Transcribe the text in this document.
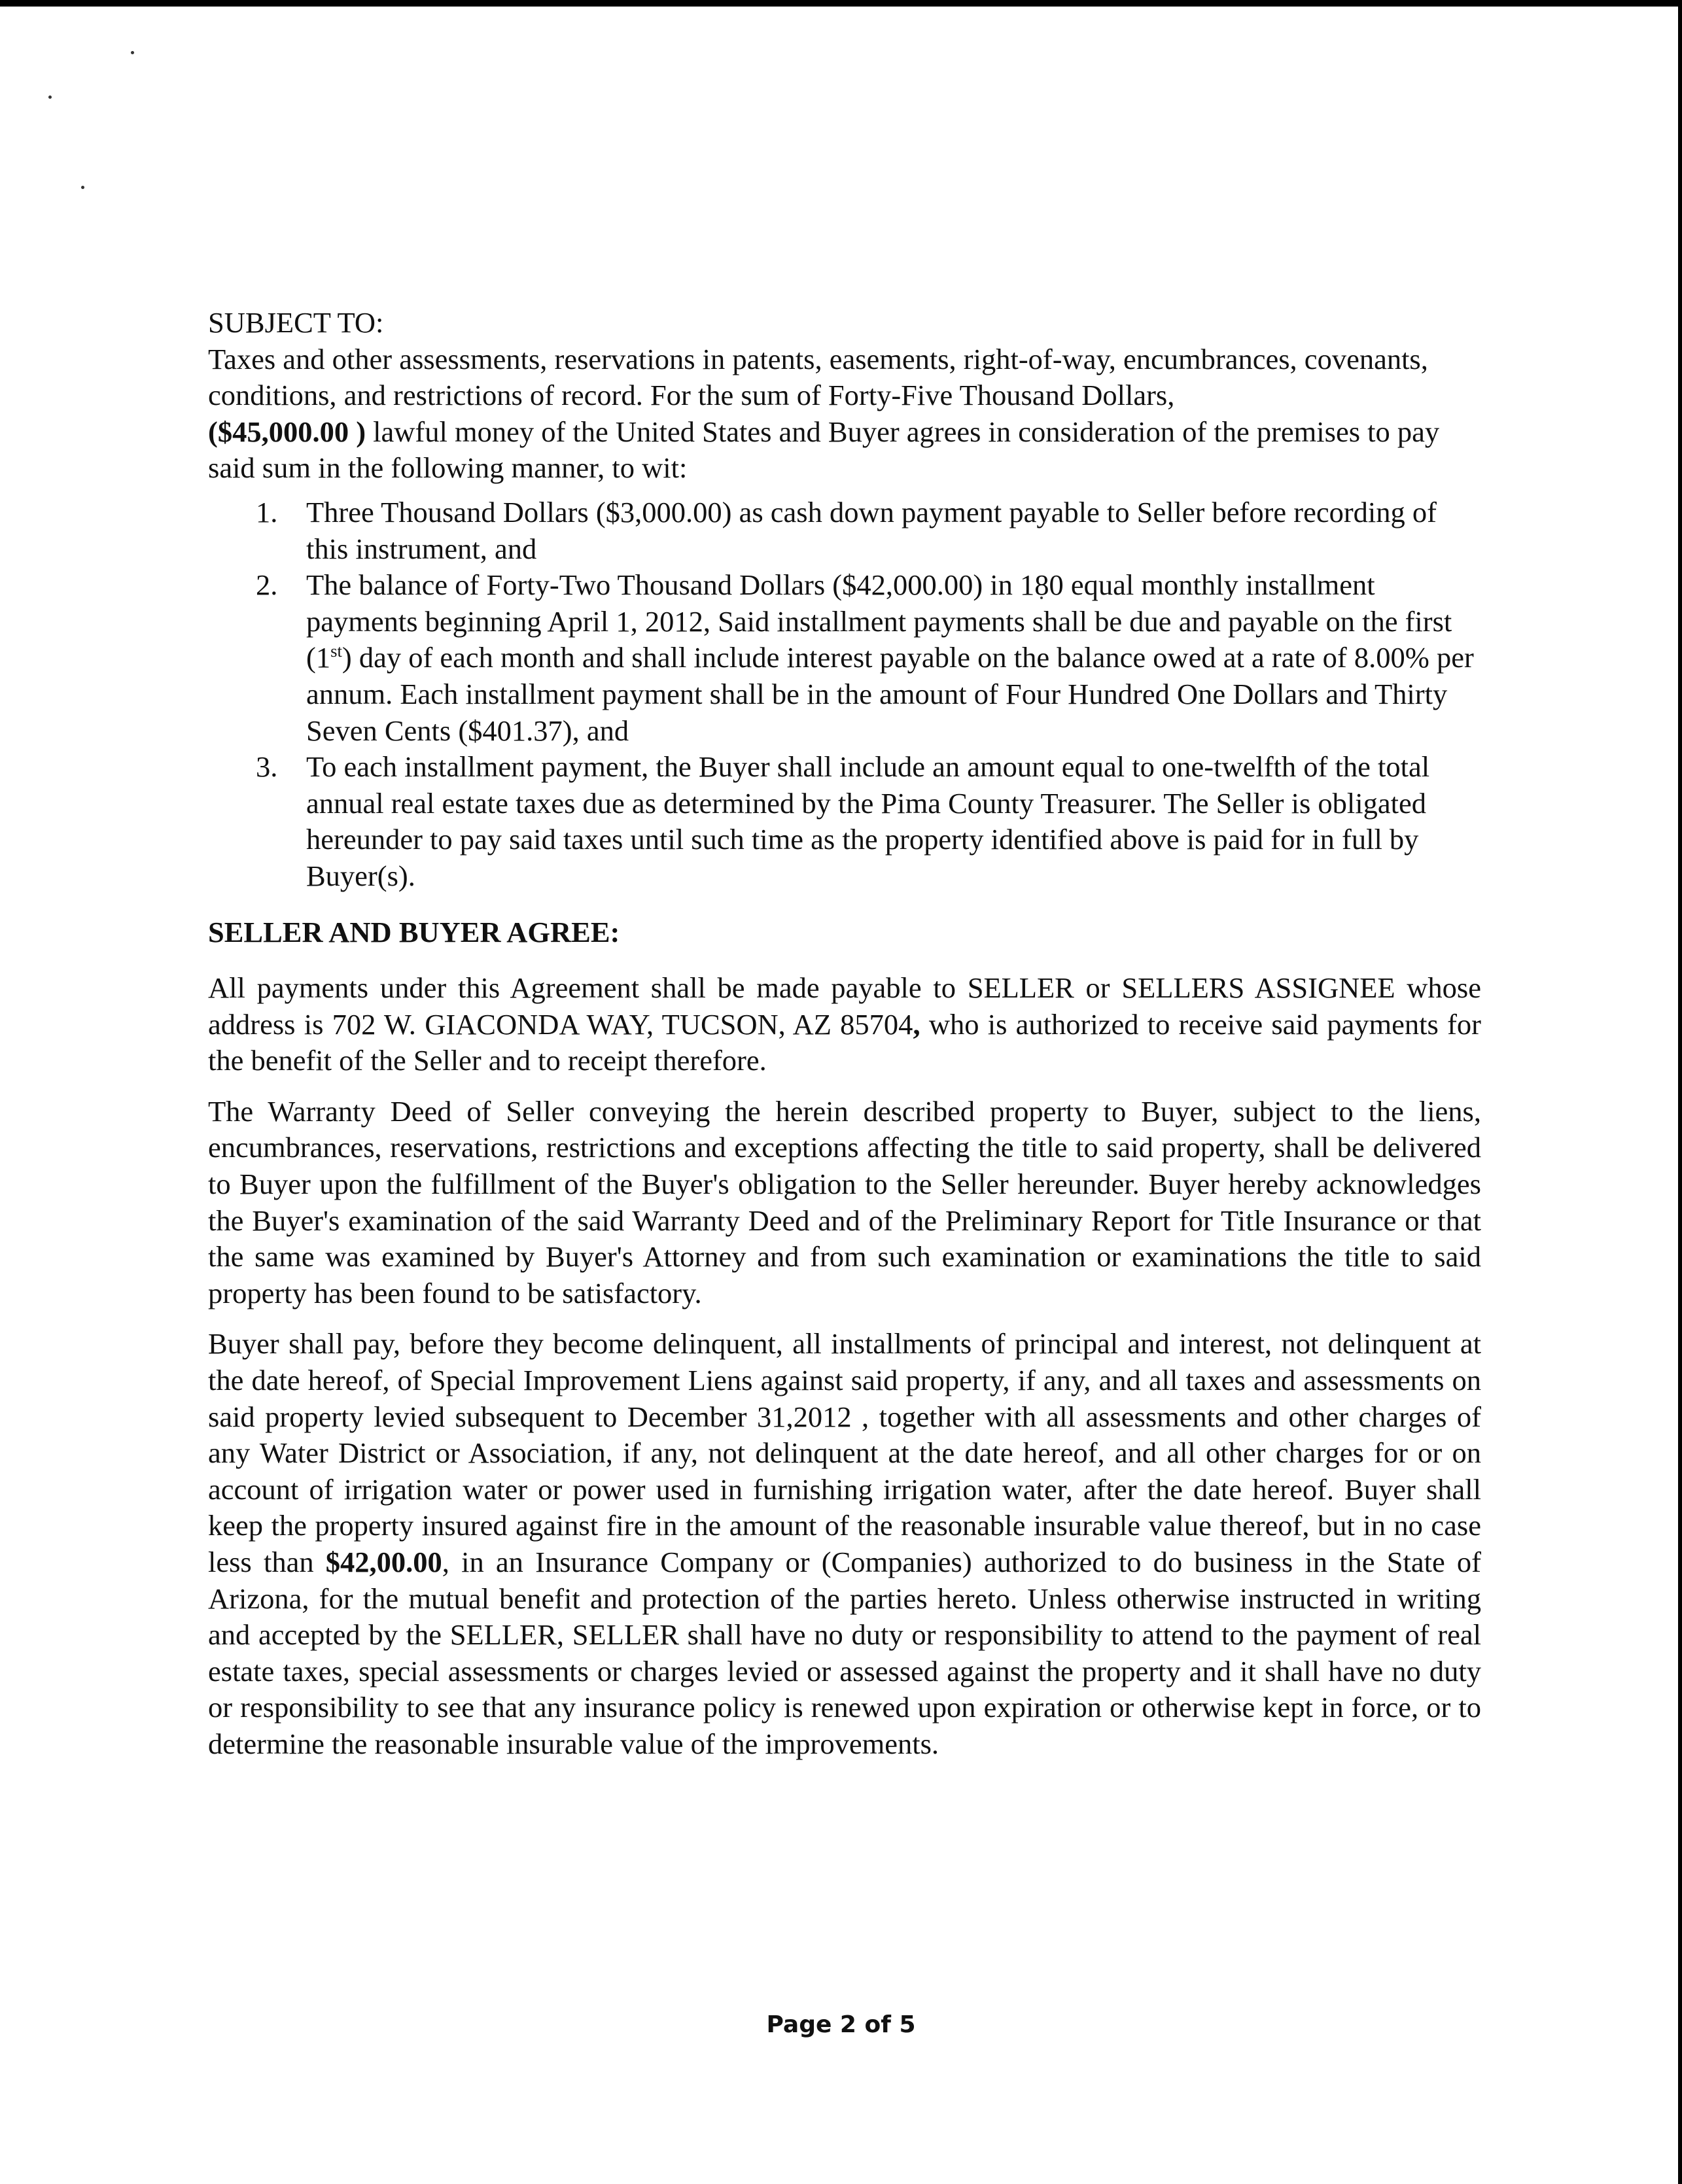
SUBJECT TO:

Taxes and other assessments, reservations in patents, easements, right-of-way, encumbrances, covenants, conditions, and restrictions of record. For the sum of Forty-Five Thousand Dollars,
($45,000.00 ) lawful money of the United States and Buyer agrees in consideration of the premises to pay said sum in the following manner, to wit:

1. Three Thousand Dollars ($3,000.00) as cash down payment payable to Seller before recording of this instrument, and
2. The balance of Forty-Two Thousand Dollars ($42,000.00) in 180 equal monthly installment payments beginning April 1, 2012, Said installment payments shall be due and payable on the first (1st) day of each month and shall include interest payable on the balance owed at a rate of 8.00% per annum. Each installment payment shall be in the amount of Four Hundred One Dollars and Thirty Seven Cents ($401.37), and
3. To each installment payment, the Buyer shall include an amount equal to one-twelfth of the total annual real estate taxes due as determined by the Pima County Treasurer. The Seller is obligated hereunder to pay said taxes until such time as the property identified above is paid for in full by Buyer(s).

SELLER AND BUYER AGREE:

All payments under this Agreement shall be made payable to SELLER or SELLERS ASSIGNEE whose address is 702 W. GIACONDA WAY, TUCSON, AZ 85704, who is authorized to receive said payments for the benefit of the Seller and to receipt therefore.

The Warranty Deed of Seller conveying the herein described property to Buyer, subject to the liens, encumbrances, reservations, restrictions and exceptions affecting the title to said property, shall be delivered to Buyer upon the fulfillment of the Buyer's obligation to the Seller hereunder. Buyer hereby acknowledges the Buyer's examination of the said Warranty Deed and of the Preliminary Report for Title Insurance or that the same was examined by Buyer's Attorney and from such examination or examinations the title to said property has been found to be satisfactory.

Buyer shall pay, before they become delinquent, all installments of principal and interest, not delinquent at the date hereof, of Special Improvement Liens against said property, if any, and all taxes and assessments on said property levied subsequent to December 31,2012 , together with all assessments and other charges of any Water District or Association, if any, not delinquent at the date hereof, and all other charges for or on account of irrigation water or power used in furnishing irrigation water, after the date hereof. Buyer shall keep the property insured against fire in the amount of the reasonable insurable value thereof, but in no case less than $42,00.00, in an Insurance Company or (Companies) authorized to do business in the State of Arizona, for the mutual benefit and protection of the parties hereto. Unless otherwise instructed in writing and accepted by the SELLER, SELLER shall have no duty or responsibility to attend to the payment of real estate taxes, special assessments or charges levied or assessed against the property and it shall have no duty or responsibility to see that any insurance policy is renewed upon expiration or otherwise kept in force, or to determine the reasonable insurable value of the improvements.

Page 2 of 5
